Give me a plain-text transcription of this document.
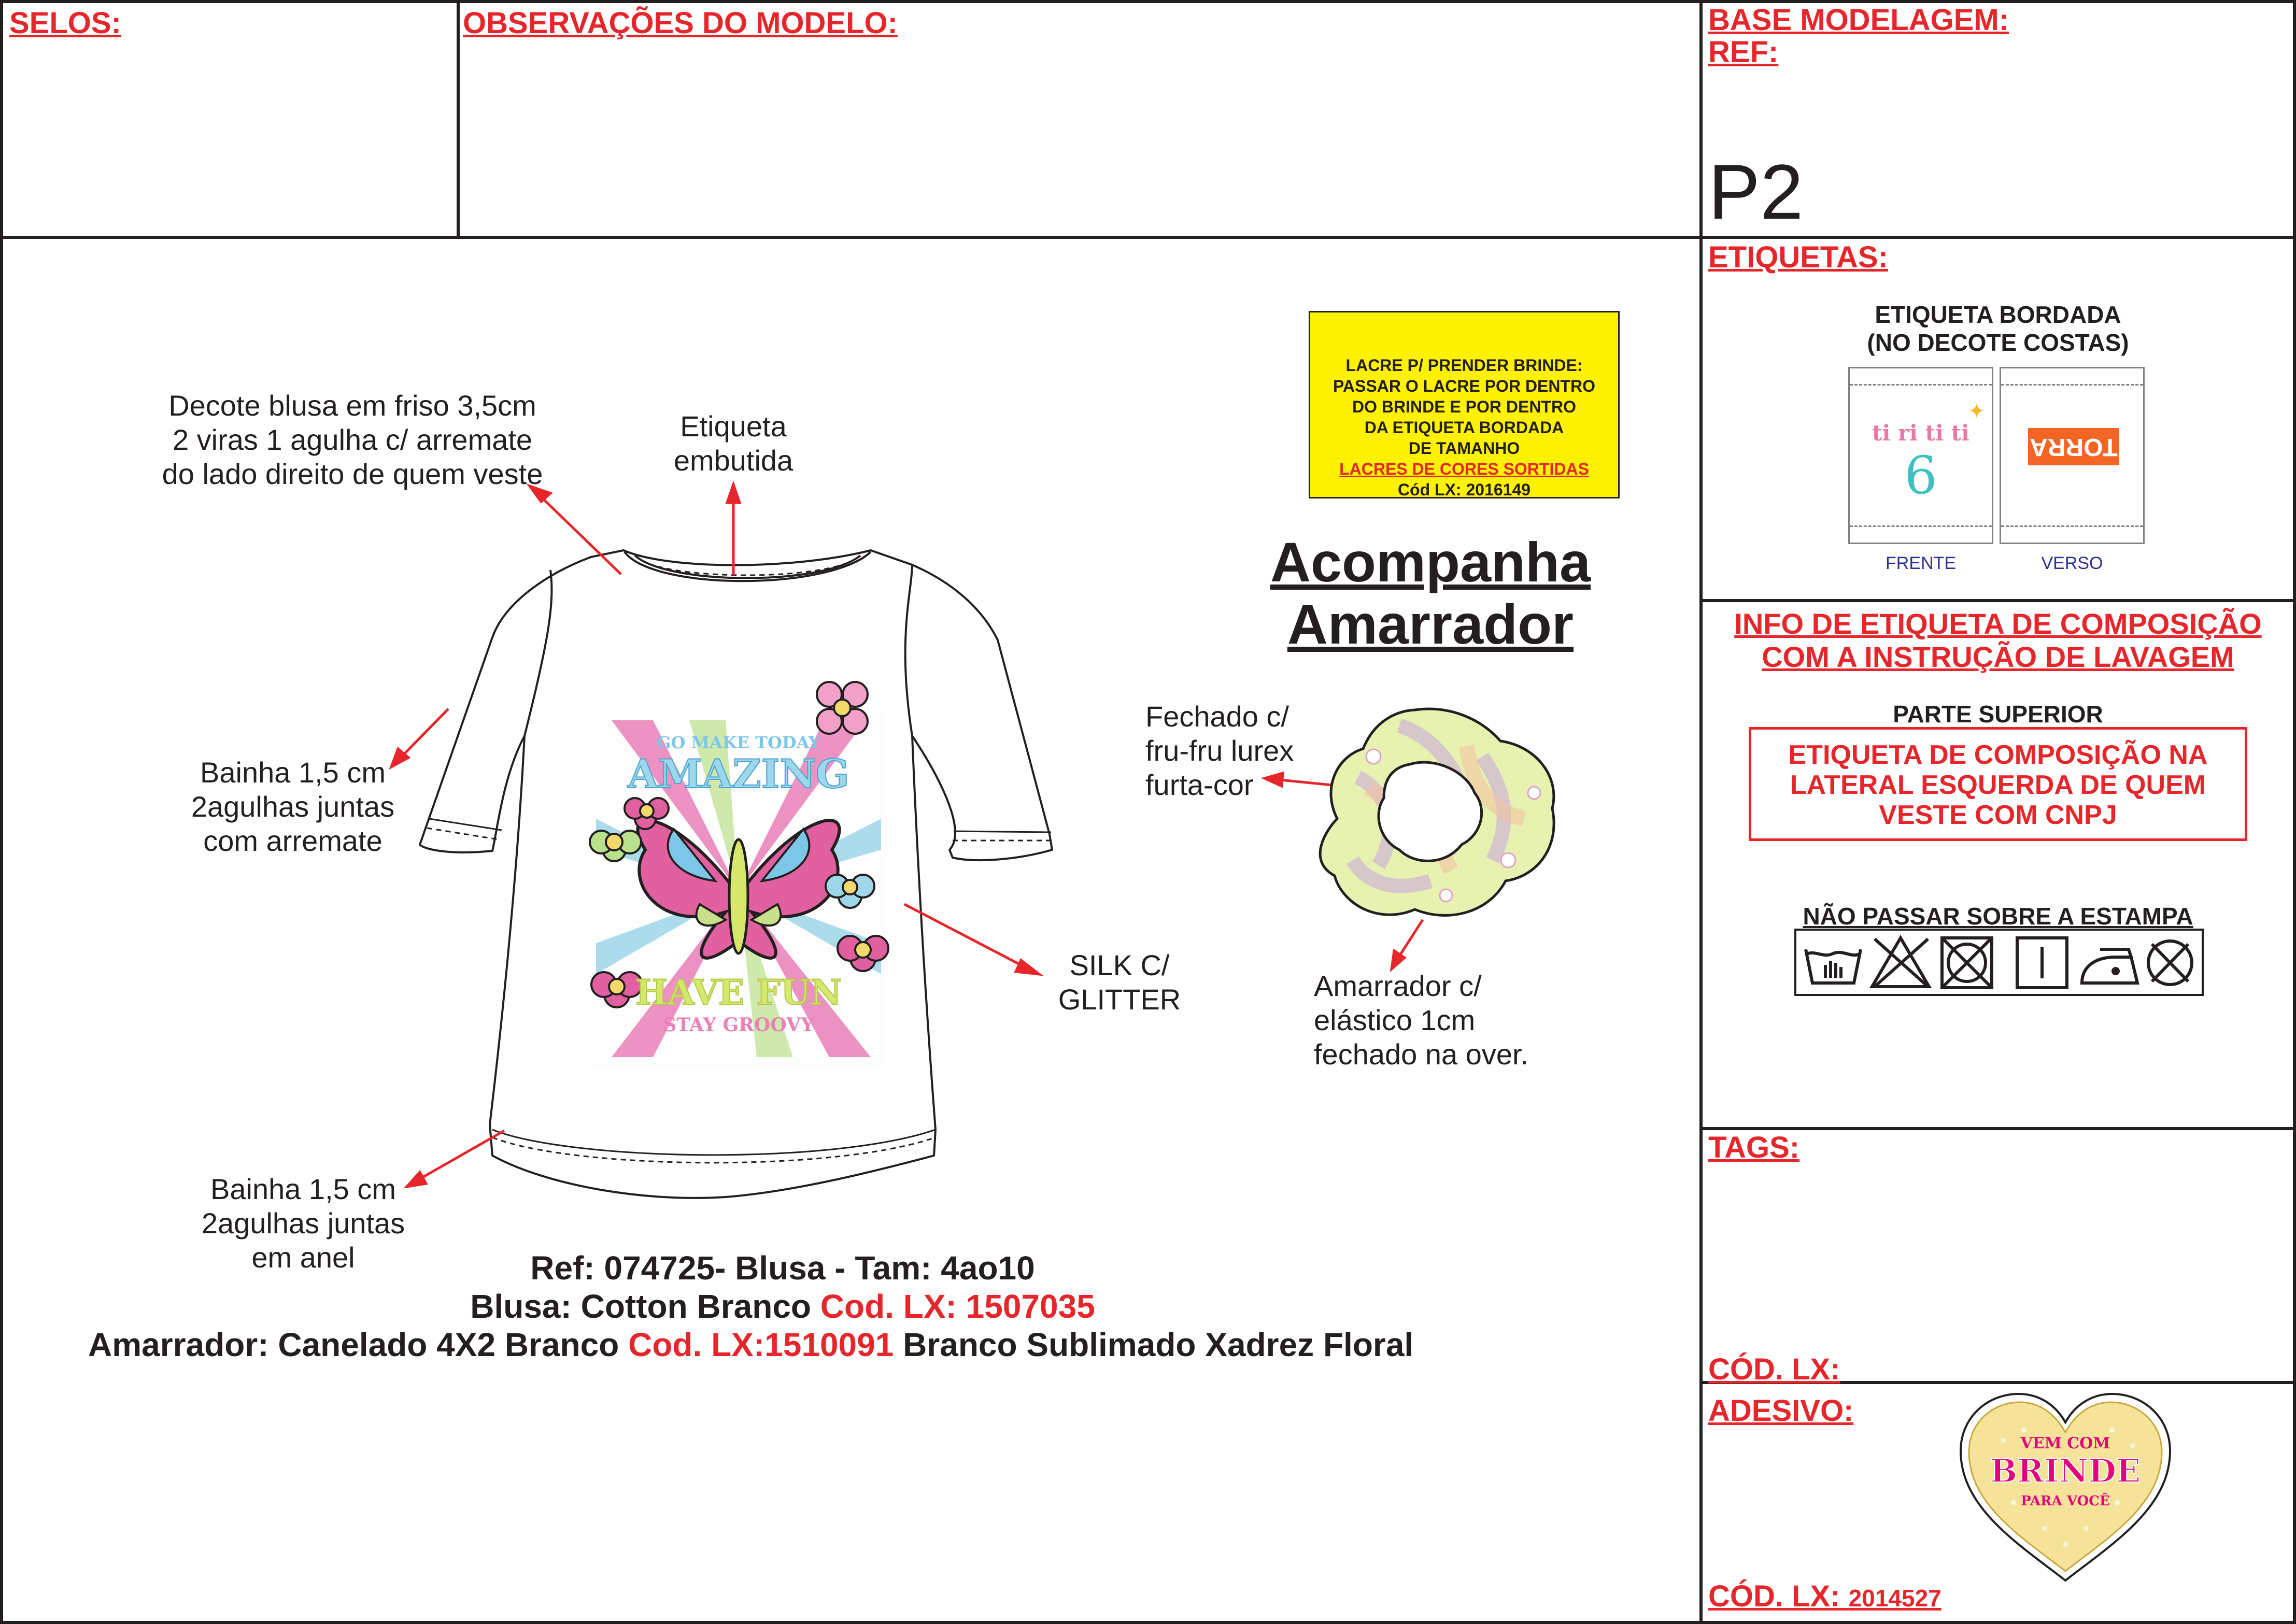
SELOS:	OBSERVAÇÕES DO MODELO:	BASE MODELAGEM:
REF:
P2
GO MAKE TODAY
AMAZING
HAVE FUN
STAY GROOVY
Decote blusa em friso 3,5cm
2 viras 1 agulha c/ arremate
do lado direito de quem veste
Etiqueta
embutida
Bainha 1,5 cm
2agulhas juntas
com arremate
SILK C/
GLITTER
Bainha 1,5 cm
2agulhas juntas
em anel
Fechado c/
fru-fru lurex
furta-cor
Amarrador c/
elástico 1cm
fechado na over.
LACRE P/ PRENDER BRINDE:
PASSAR O LACRE POR DENTRO
DO BRINDE E POR DENTRO
DA ETIQUETA BORDADA
DE TAMANHO
LACRES DE CORES SORTIDAS
Cód LX: 2016149
Acompanha
Amarrador
Ref: 074725- Blusa - Tam: 4ao10
Blusa: Cotton Branco Cod. LX: 1507035
Amarrador: Canelado 4X2 Branco Cod. LX:1510091 Branco Sublimado Xadrez Floral
ETIQUETAS:
ETIQUETA BORDADA
(NO DECOTE COSTAS)
ti ri ti ti
6
✦
TORRA
FRENTE	VERSO
INFO DE ETIQUETA DE COMPOSIÇÃO
COM A INSTRUÇÃO DE LAVAGEM
PARTE SUPERIOR
ETIQUETA DE COMPOSIÇÃO NA
LATERAL ESQUERDA DE QUEM
VESTE COM CNPJ
NÃO PASSAR SOBRE A ESTAMPA
TAGS:
CÓD. LX:
ADESIVO:
CÓD. LX: 2014527
VEM COM
BRINDE
PARA VOCÊ
